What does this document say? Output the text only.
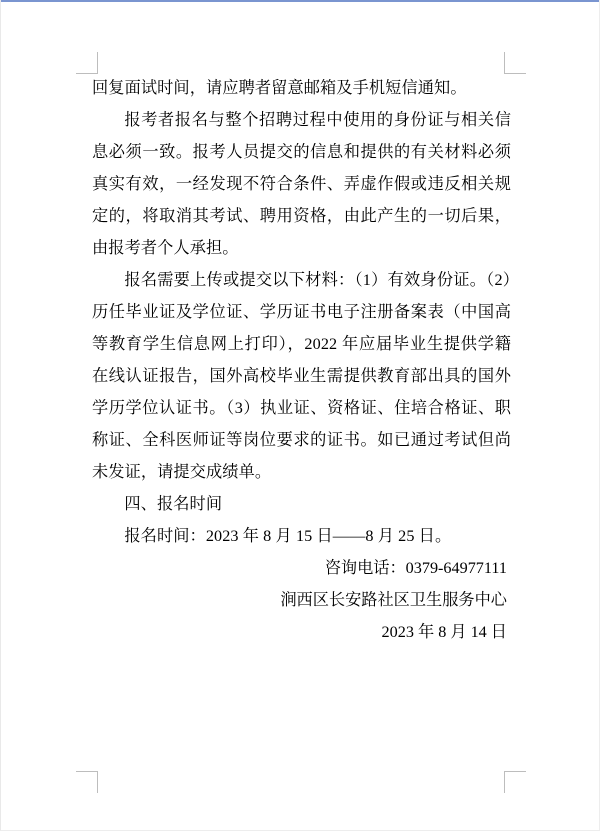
回复面试时间，请应聘者留意邮箱及手机短信通知。

报考者报名与整个招聘过程中使用的身份证与相关信息必须一致。报考人员提交的信息和提供的有关材料必须真实有效，一经发现不符合条件、弄虚作假或违反相关规定的，将取消其考试、聘用资格，由此产生的一切后果，由报考者个人承担。

报名需要上传或提交以下材料：（1）有效身份证。（2）历任毕业证及学位证、学历证书电子注册备案表（中国高等教育学生信息网上打印），2022 年应届毕业生提供学籍在线认证报告，国外高校毕业生需提供教育部出具的国外学历学位认证书。（3）执业证、资格证、住培合格证、职称证、全科医师证等岗位要求的证书。如已通过考试但尚未发证，请提交成绩单。

四、报名时间

报名时间：2023 年 8 月 15 日——8 月 25 日。

咨询电话：0379-64977111

涧西区长安路社区卫生服务中心

2023 年 8 月 14 日
